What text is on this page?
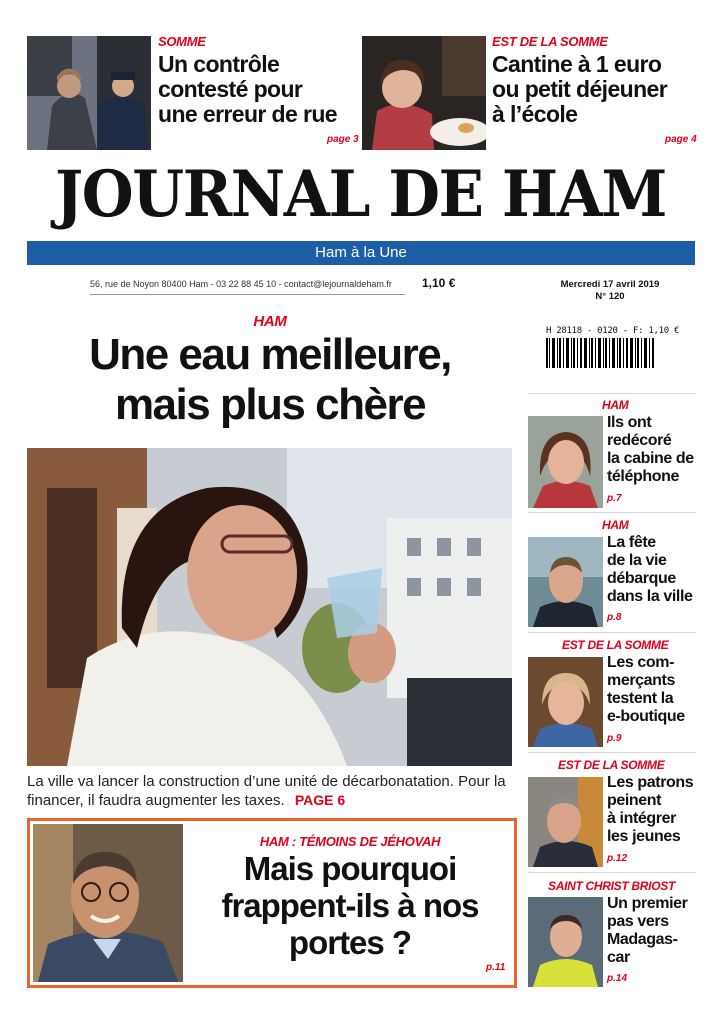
SOMME
Un contrôle
contesté pour
une erreur de rue
page 3
EST DE LA SOMME
Cantine à 1 euro
ou petit déjeuner
à l’école
page 4
JOURNAL DE HAM
Ham à la Une
56, rue de Noyon 80400 Ham - 03 22 88 45 10 - contact@lejournaldeham.fr	1,10 €	Mercredi 17 avril 2019
N° 120
H 28118 - 0120 - F: 1,10 €
HAM
Une eau meilleure,
mais plus chère
La ville va lancer la construction d’une unité de décarbonatation. Pour la financer, il faudra augmenter les taxes. PAGE 6
HAM : TÉMOINS DE JÉHOVAH
Mais pourquoi
frappent-ils à nos
portes ?
p.11
HAM
Ils ont
redécoré
la cabine de
téléphone
p.7
HAM
La fête
de la vie
débarque
dans la ville
p.8
EST DE LA SOMME
Les com-
merçants
testent la
e-boutique
p.9
EST DE LA SOMME
Les patrons
peinent
à intégrer
les jeunes
p.12
SAINT CHRIST BRIOST
Un premier
pas vers
Madagas-
car
p.14
